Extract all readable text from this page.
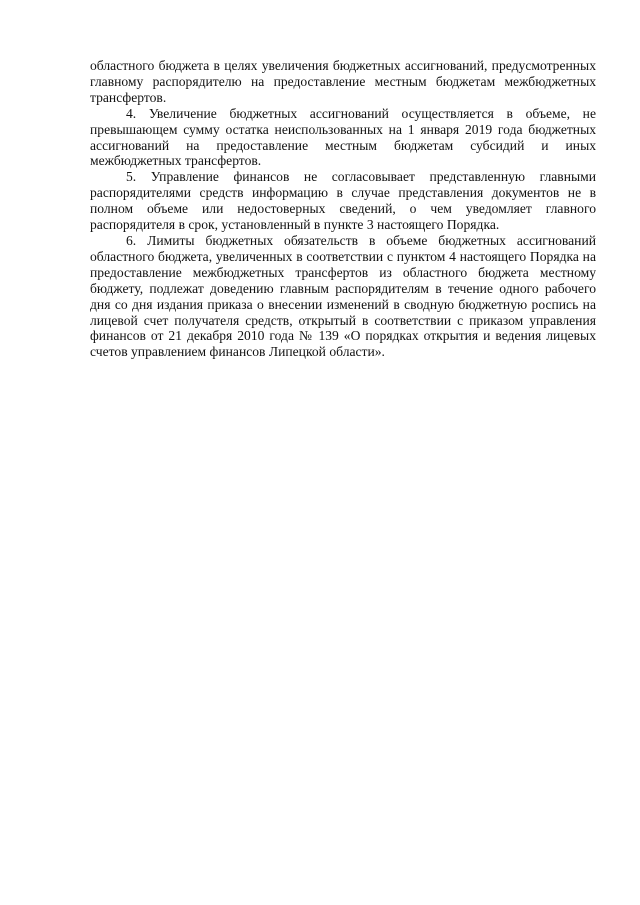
областного бюджета в целях увеличения бюджетных ассигнований, предусмотренных главному распорядителю на предоставление местным бюджетам межбюджетных трансфертов.

4. Увеличение бюджетных ассигнований осуществляется в объеме, не превышающем сумму остатка неиспользованных на 1 января 2019 года бюджетных ассигнований на предоставление местным бюджетам субсидий и иных межбюджетных трансфертов.

5. Управление финансов не согласовывает представленную главными распорядителями средств информацию в случае представления документов не в полном объеме или недостоверных сведений, о чем уведомляет главного распорядителя в срок, установленный в пункте 3 настоящего Порядка.

6. Лимиты бюджетных обязательств в объеме бюджетных ассигнований областного бюджета, увеличенных в соответствии с пунктом 4 настоящего Порядка на предоставление межбюджетных трансфертов из областного бюджета местному бюджету, подлежат доведению главным распорядителям в течение одного рабочего дня со дня издания приказа о внесении изменений в сводную бюджетную роспись на лицевой счет получателя средств, открытый в соответствии с приказом управления финансов от 21 декабря 2010 года № 139 «О порядках открытия и ведения лицевых счетов управлением финансов Липецкой области».
